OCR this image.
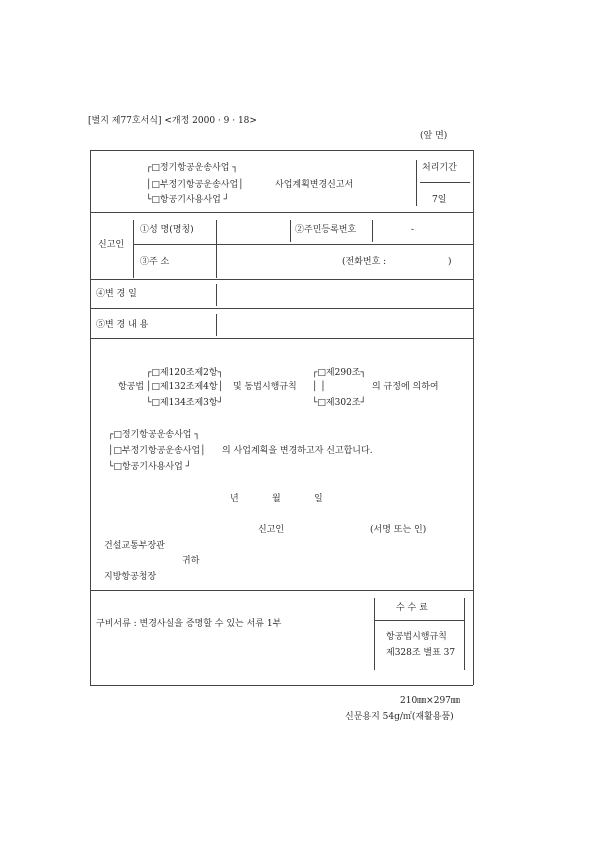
[별지 제77호서식] <개정 2000 · 9 · 18>
(앞 면)
┌□정기항공운송사업 ┐
│□부정기항공운송사업│
└□항공기사용사업 ┘
사업계획변경신고서
처리기간
7일
신고인
①성 명(명칭)	②주민등록번호	-
③주 소	(전화번호 :	)
④변 경 일
⑤변 경 내 용
┌□제120조제2항┐
항공법 │□제132조제4항│
└□제134조제3항┘
및 동법시행규칙
┌□제290조┐
│ │
└□제302조┘
의 규정에 의하여
┌□정기항공운송사업 ┐
│□부정기항공운송사업│
└□항공기사용사업 ┘
의 사업계획을 변경하고자 신고합니다.
년	월	일
신고인	(서명 또는 인)
건설교통부장관
귀하
지방항공청장
구비서류 : 변경사실을 증명할 수 있는 서류 1부
수 수 료
항공법시행규칙
제328조 별표 37
210㎜×297㎜
신문용지 54g/㎡(재활용품)
